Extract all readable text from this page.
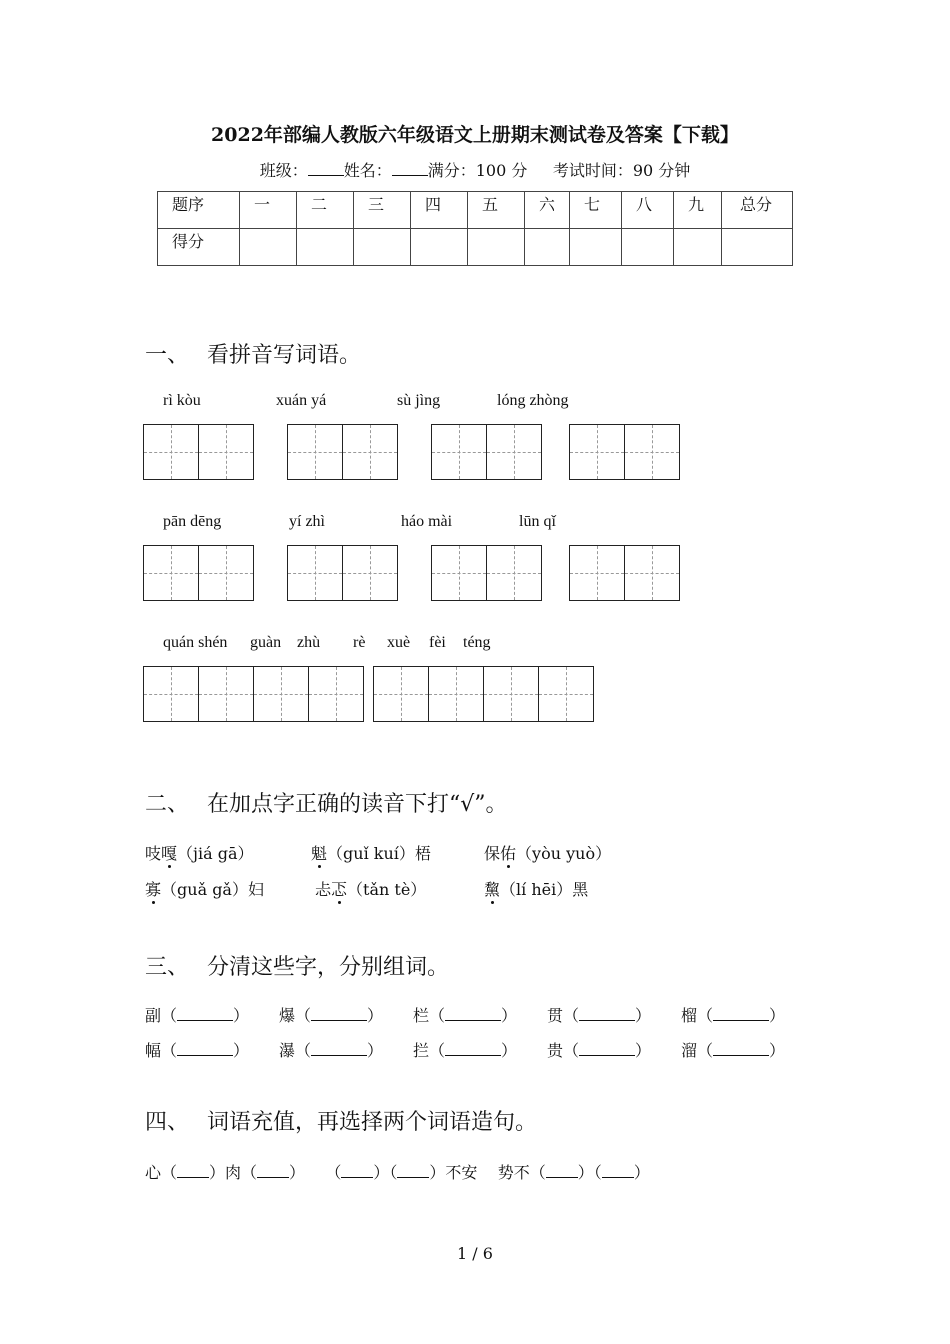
2022年部编人教版六年级语文上册期末测试卷及答案【下载】
班级： 姓名： 满分：100 分 考试时间：90 分钟
题序	一	二	三	四	五	六	七	八	九	总分
得分										
一、 看拼音写词语。
rì kòu	xuán yá	sù jìng	lóng zhòng
pān dēng	yí zhì	háo mài	lūn qǐ
quán shén guàn zhù rè xuè fèi téng
二、 在加点字正确的读音下打“√”。
吱嘎（jiá gā）	魁（guǐ kuí）梧	保佑（yòu yuò）
寡（guǎ gǎ）妇	忐忑（tǎn tè）	黧（lí hēi）黑
三、 分清这些字，分别组词。
副（	） 爆（	） 栏（	） 贯（	） 榴（	）
幅（	） 瀑（	） 拦（	） 贵（	） 溜（	）
四、 词语充值，再选择两个词语造句。
心（ ）肉（ ） （ ）（ ）不安 势不（ ）（ ）
1 / 6
